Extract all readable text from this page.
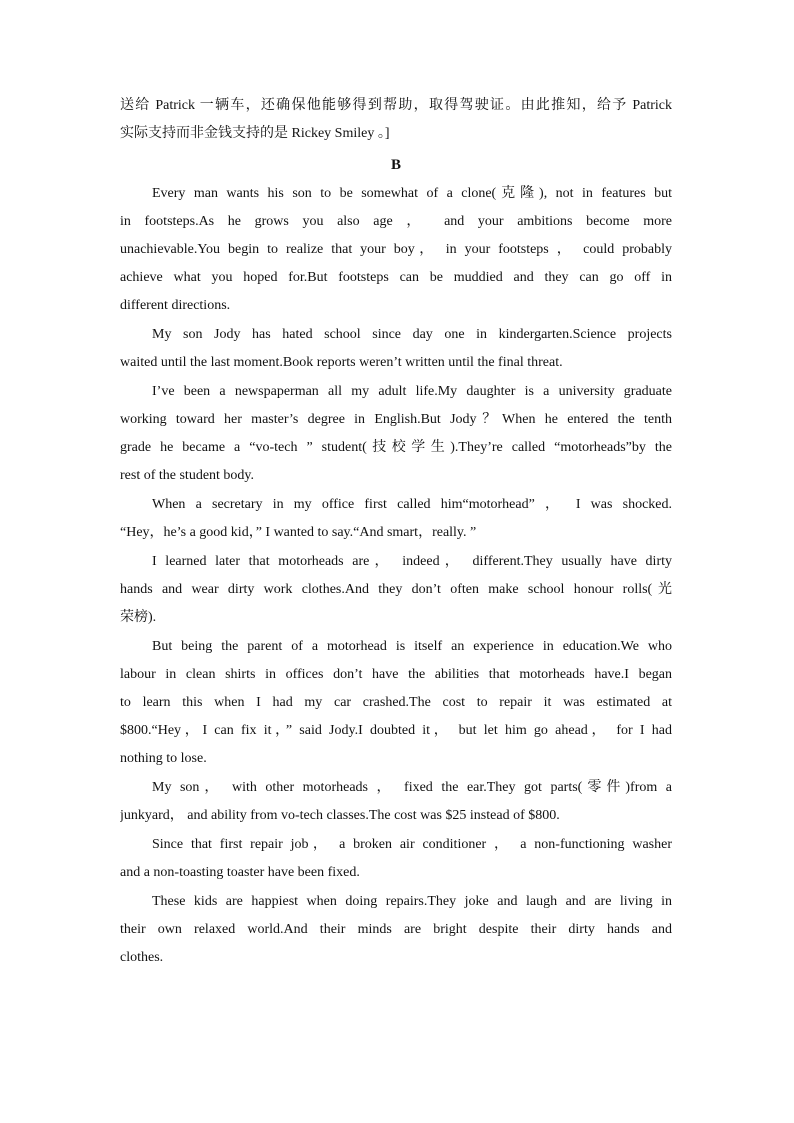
送给 Patrick 一辆车，还确保他能够得到帮助，取得驾驶证。由此推知，给予 Patrick
实际支持而非金钱支持的是 Rickey Smiley 。]
B
Every man wants his son to be somewhat of a clone(克隆), not in features but
in footsteps.As he grows you also age ， and your ambitions become more
unachievable.You begin to realize that your boy， in your footsteps ， could probably
achieve what you hoped for.But footsteps can be muddied and they can go off in
different directions.
My son Jody has hated school since day one in kindergarten.Science projects
waited until the last moment.Book reports weren’t written until the final threat.
I’ve been a newspaperman all my adult life.My daughter is a university graduate
working toward her master’s degree in English.But Jody？When he entered the tenth
grade he became a “vo-tech ” student(技校学生).They’re called “motorheads”by the
rest of the student body.
When a secretary in my office first called him“motorhead” ， I was shocked.
“Hey，he’s a good kid，” I wanted to say.“And smart，really. ”
I learned later that motorheads are， indeed， different.They usually have dirty
hands and wear dirty work clothes.And they don’t often make school honour rolls(光
荣榜).
But being the parent of a motorhead is itself an experience in education.We who
labour in clean shirts in offices don’t have the abilities that motorheads have.I began
to learn this when I had my car crashed.The cost to repair it was estimated at
$800.“Hey，I can fix it，” said Jody.I doubted it， but let him go ahead， for I had
nothing to lose.
My son， with other motorheads ， fixed the ear.They got parts(零件)from a
junkyard， and ability from vo-tech classes.The cost was $25 instead of $800.
Since that first repair job， a broken air conditioner ， a non-functioning washer
and a non-toasting toaster have been fixed.
These kids are happiest when doing repairs.They joke and laugh and are living in
their own relaxed world.And their minds are bright despite their dirty hands and
clothes.
